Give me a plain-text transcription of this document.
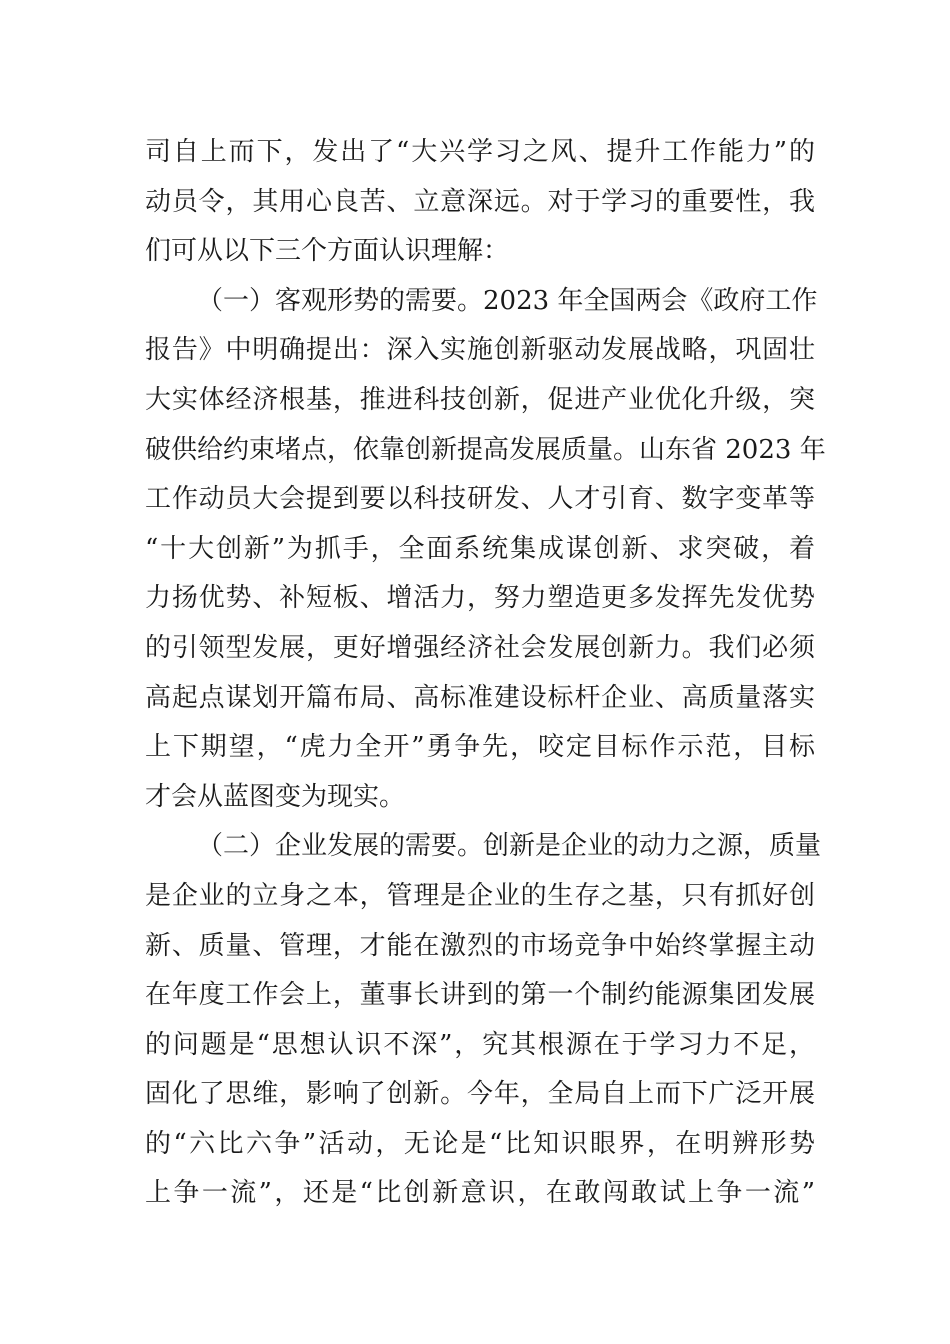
司自上而下，发出了“大兴学习之风、提升工作能力”的
动员令，其用心良苦、立意深远。对于学习的重要性，我
们可从以下三个方面认识理解：
（一）客观形势的需要。2023 年全国两会《政府工作
报告》中明确提出：深入实施创新驱动发展战略，巩固壮
大实体经济根基，推进科技创新，促进产业优化升级，突
破供给约束堵点，依靠创新提高发展质量。山东省 2023 年
工作动员大会提到要以科技研发、人才引育、数字变革等
“十大创新”为抓手，全面系统集成谋创新、求突破，着
力扬优势、补短板、增活力，努力塑造更多发挥先发优势
的引领型发展，更好增强经济社会发展创新力。我们必须
高起点谋划开篇布局、高标准建设标杆企业、高质量落实
上下期望，“虎力全开”勇争先，咬定目标作示范，目标
才会从蓝图变为现实。
（二）企业发展的需要。创新是企业的动力之源，质量
是企业的立身之本，管理是企业的生存之基，只有抓好创
新、质量、管理，才能在激烈的市场竞争中始终掌握主动
在年度工作会上，董事长讲到的第一个制约能源集团发展
的问题是“思想认识不深”，究其根源在于学习力不足，
固化了思维，影响了创新。今年，全局自上而下广泛开展
的“六比六争”活动，无论是“比知识眼界，在明辨形势
上争一流”，还是“比创新意识，在敢闯敢试上争一流”
